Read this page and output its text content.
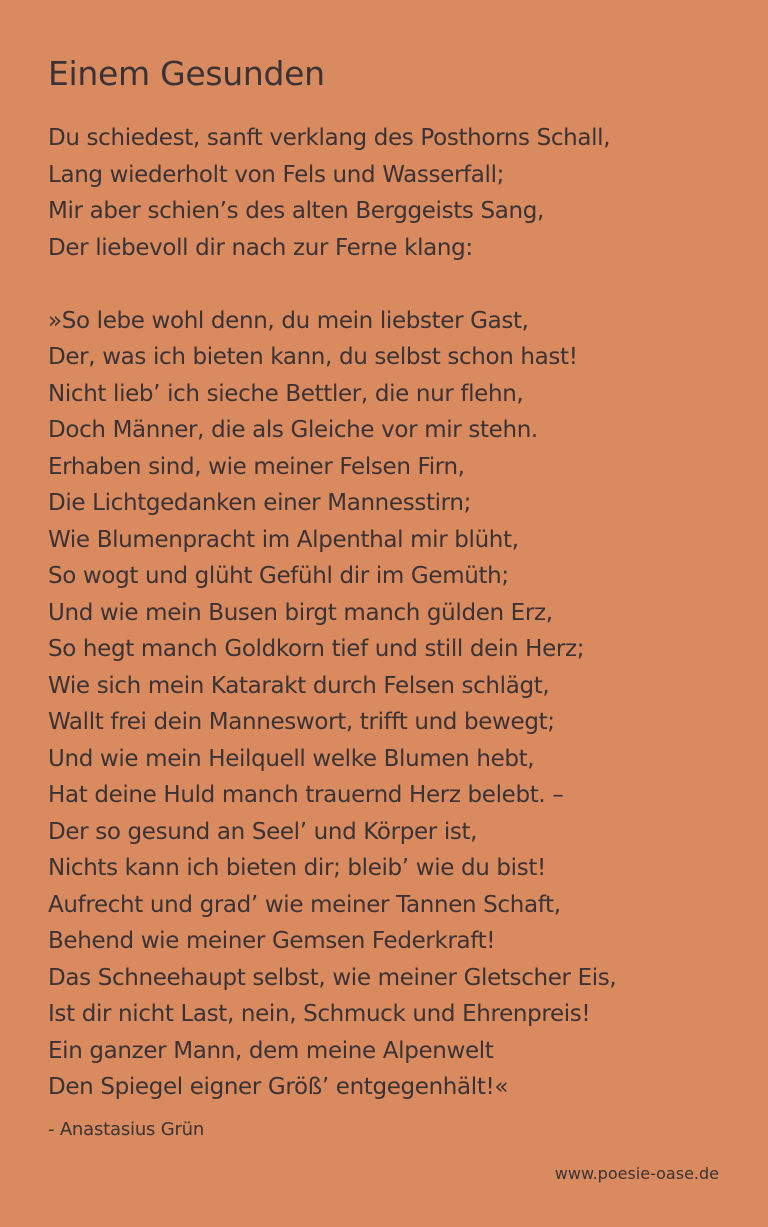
Einem Gesunden
Du schiedest, sanft verklang des Posthorns Schall,
Lang wiederholt von Fels und Wasserfall;
Mir aber schien’s des alten Berggeists Sang,
Der liebevoll dir nach zur Ferne klang:
»So lebe wohl denn, du mein liebster Gast,
Der, was ich bieten kann, du selbst schon hast!
Nicht lieb’ ich sieche Bettler, die nur flehn,
Doch Männer, die als Gleiche vor mir stehn.
Erhaben sind, wie meiner Felsen Firn,
Die Lichtgedanken einer Mannesstirn;
Wie Blumenpracht im Alpenthal mir blüht,
So wogt und glüht Gefühl dir im Gemüth;
Und wie mein Busen birgt manch gülden Erz,
So hegt manch Goldkorn tief und still dein Herz;
Wie sich mein Katarakt durch Felsen schlägt,
Wallt frei dein Manneswort, trifft und bewegt;
Und wie mein Heilquell welke Blumen hebt,
Hat deine Huld manch trauernd Herz belebt. –
Der so gesund an Seel’ und Körper ist,
Nichts kann ich bieten dir; bleib’ wie du bist!
Aufrecht und grad’ wie meiner Tannen Schaft,
Behend wie meiner Gemsen Federkraft!
Das Schneehaupt selbst, wie meiner Gletscher Eis,
Ist dir nicht Last, nein, Schmuck und Ehrenpreis!
Ein ganzer Mann, dem meine Alpenwelt
Den Spiegel eigner Größ’ entgegenhält!«
- Anastasius Grün
www.poesie-oase.de
